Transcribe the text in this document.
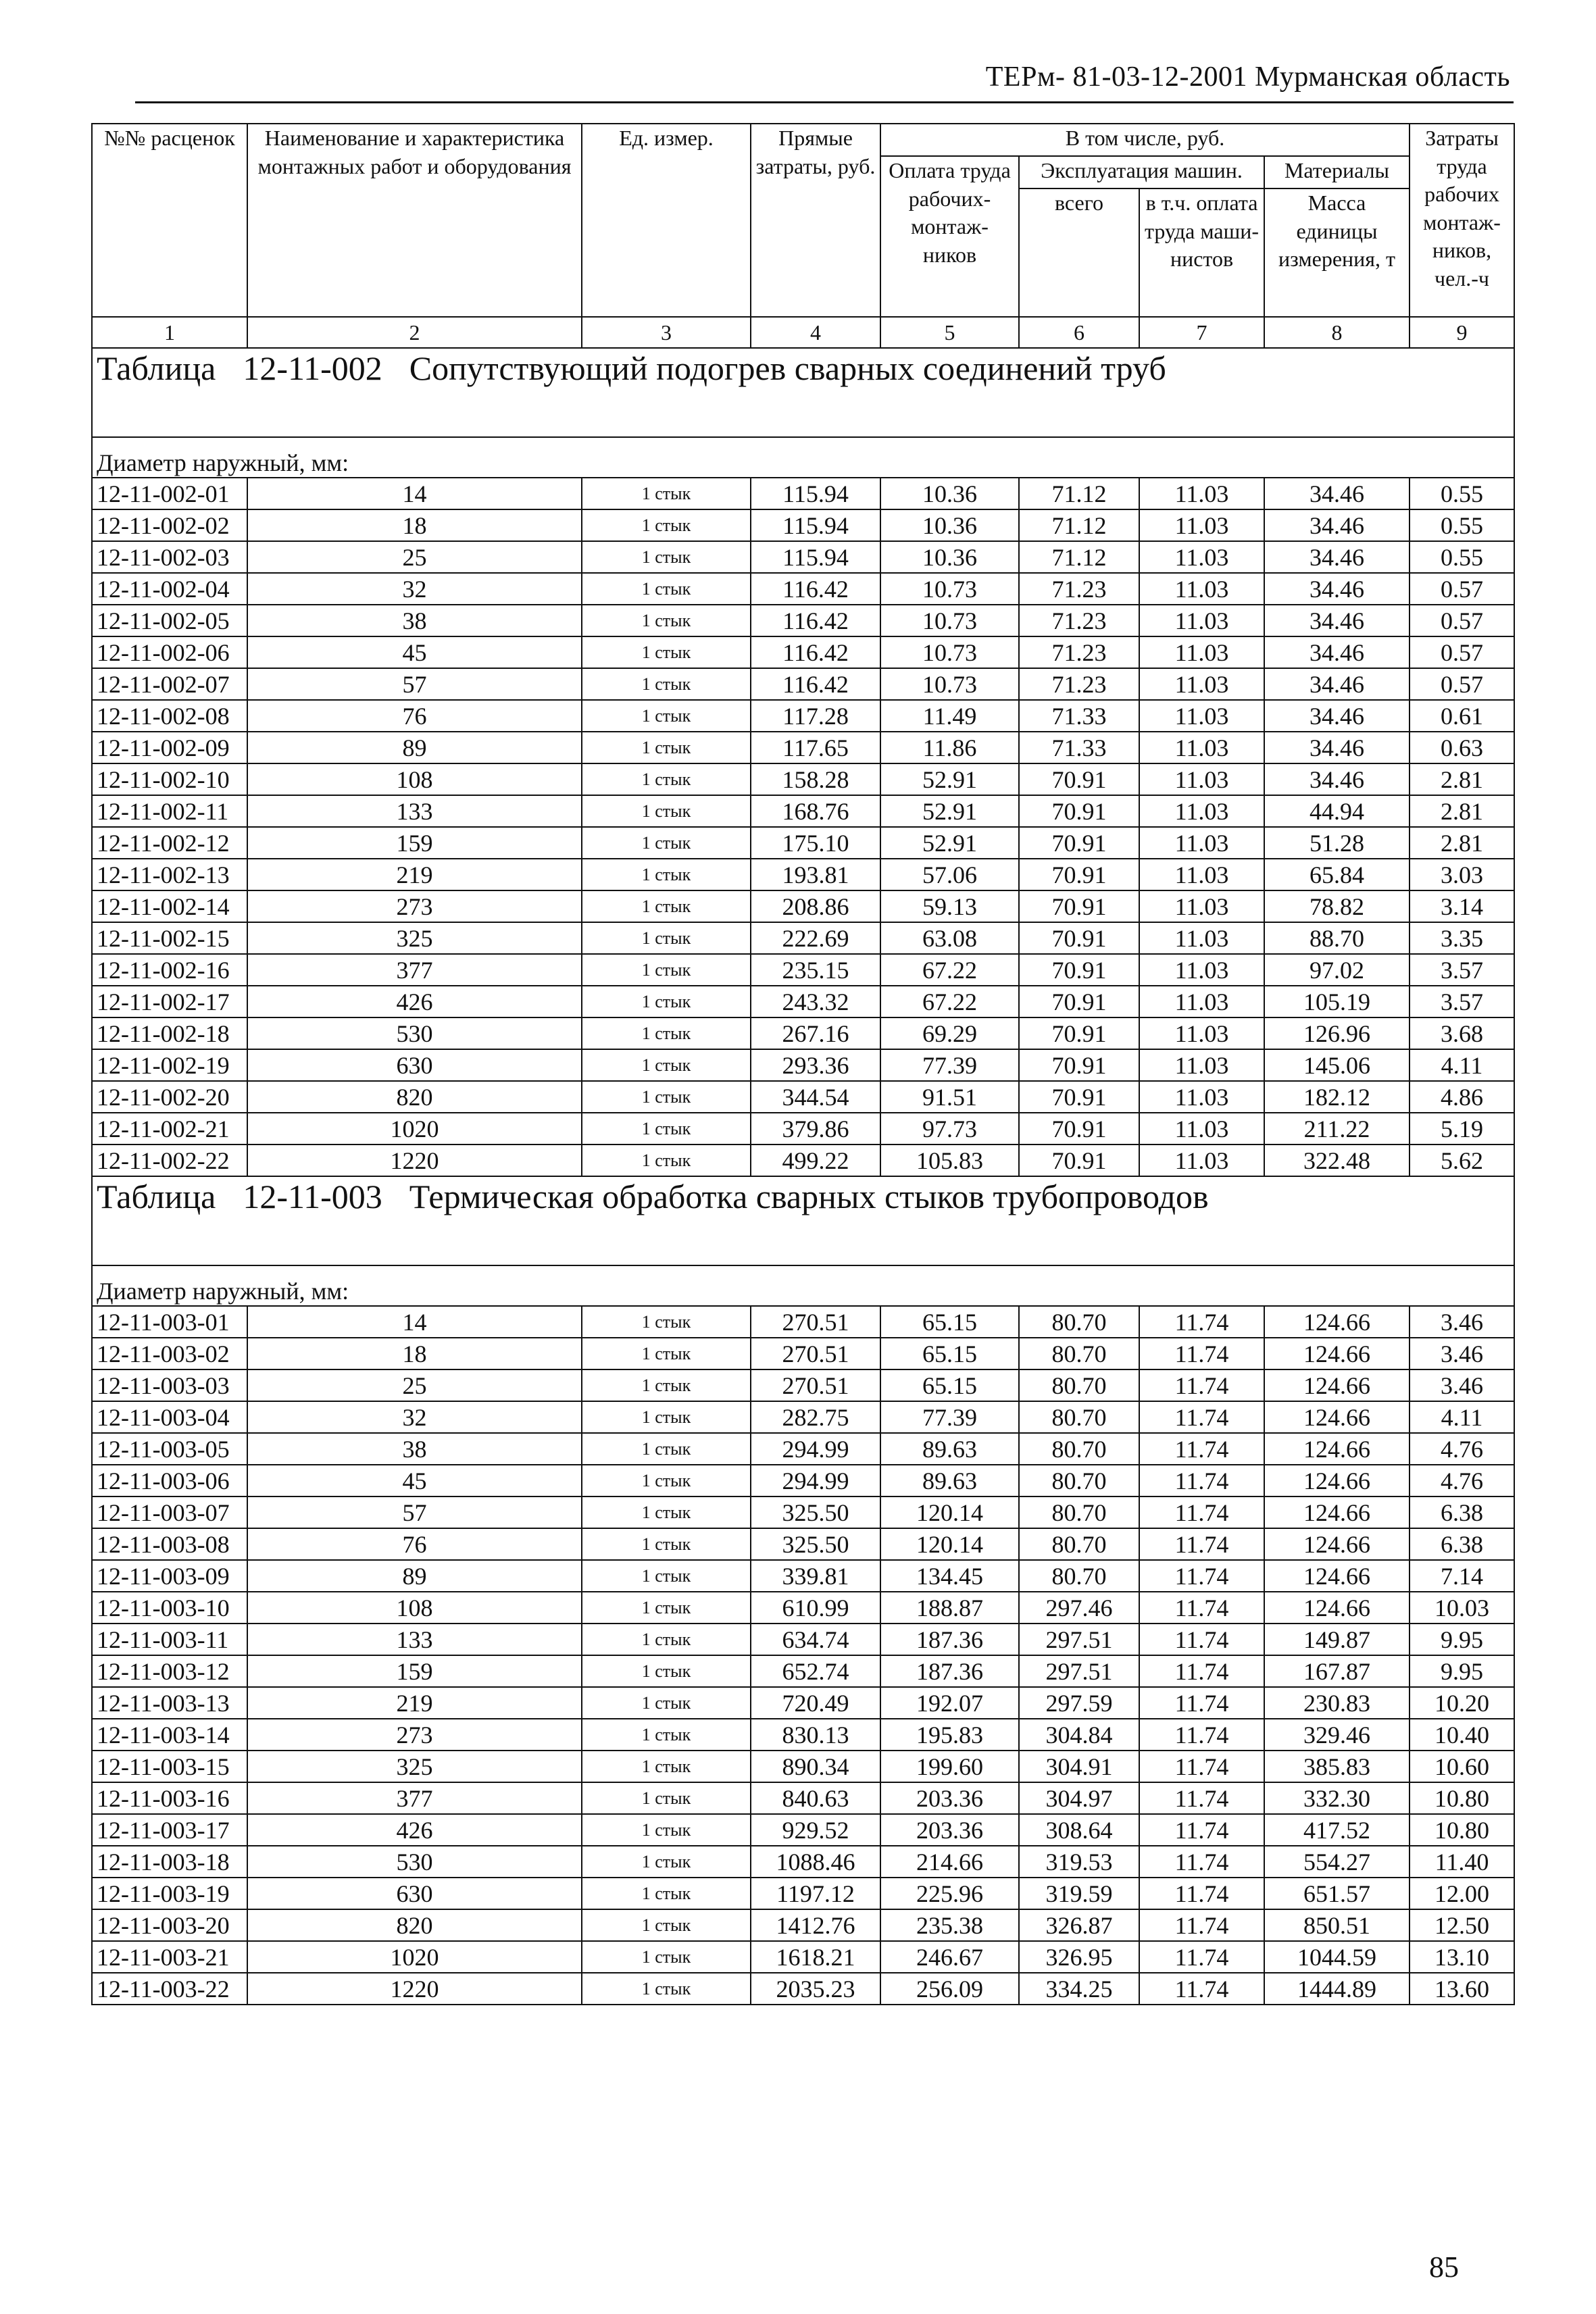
ТЕРм- 81-03-12-2001 Мурманская область
№№ расценок	Наименование и характеристика монтажных работ и оборудования	Ед. измер.	Прямые затраты, руб.	В том числе, руб.				Затраты труда рабочих монтаж-ников, чел.-ч
				Оплата труда рабочих-монтаж-ников	Эксплуатация машин.		Материалы	
					всего	в т.ч. оплата труда маши-нистов	Масса единицы измерения, т	
1	2	3	4	5	6	7	8	9
Таблица 12-11-002 Сопутствующий подогрев сварных соединений труб								
Диаметр наружный, мм:								
12-11-002-01	14	1 стык	115.94	10.36	71.12	11.03	34.46	0.55
12-11-002-02	18	1 стык	115.94	10.36	71.12	11.03	34.46	0.55
12-11-002-03	25	1 стык	115.94	10.36	71.12	11.03	34.46	0.55
12-11-002-04	32	1 стык	116.42	10.73	71.23	11.03	34.46	0.57
12-11-002-05	38	1 стык	116.42	10.73	71.23	11.03	34.46	0.57
12-11-002-06	45	1 стык	116.42	10.73	71.23	11.03	34.46	0.57
12-11-002-07	57	1 стык	116.42	10.73	71.23	11.03	34.46	0.57
12-11-002-08	76	1 стык	117.28	11.49	71.33	11.03	34.46	0.61
12-11-002-09	89	1 стык	117.65	11.86	71.33	11.03	34.46	0.63
12-11-002-10	108	1 стык	158.28	52.91	70.91	11.03	34.46	2.81
12-11-002-11	133	1 стык	168.76	52.91	70.91	11.03	44.94	2.81
12-11-002-12	159	1 стык	175.10	52.91	70.91	11.03	51.28	2.81
12-11-002-13	219	1 стык	193.81	57.06	70.91	11.03	65.84	3.03
12-11-002-14	273	1 стык	208.86	59.13	70.91	11.03	78.82	3.14
12-11-002-15	325	1 стык	222.69	63.08	70.91	11.03	88.70	3.35
12-11-002-16	377	1 стык	235.15	67.22	70.91	11.03	97.02	3.57
12-11-002-17	426	1 стык	243.32	67.22	70.91	11.03	105.19	3.57
12-11-002-18	530	1 стык	267.16	69.29	70.91	11.03	126.96	3.68
12-11-002-19	630	1 стык	293.36	77.39	70.91	11.03	145.06	4.11
12-11-002-20	820	1 стык	344.54	91.51	70.91	11.03	182.12	4.86
12-11-002-21	1020	1 стык	379.86	97.73	70.91	11.03	211.22	5.19
12-11-002-22	1220	1 стык	499.22	105.83	70.91	11.03	322.48	5.62
Таблица 12-11-003 Термическая обработка сварных стыков трубопроводов								
Диаметр наружный, мм:								
12-11-003-01	14	1 стык	270.51	65.15	80.70	11.74	124.66	3.46
12-11-003-02	18	1 стык	270.51	65.15	80.70	11.74	124.66	3.46
12-11-003-03	25	1 стык	270.51	65.15	80.70	11.74	124.66	3.46
12-11-003-04	32	1 стык	282.75	77.39	80.70	11.74	124.66	4.11
12-11-003-05	38	1 стык	294.99	89.63	80.70	11.74	124.66	4.76
12-11-003-06	45	1 стык	294.99	89.63	80.70	11.74	124.66	4.76
12-11-003-07	57	1 стык	325.50	120.14	80.70	11.74	124.66	6.38
12-11-003-08	76	1 стык	325.50	120.14	80.70	11.74	124.66	6.38
12-11-003-09	89	1 стык	339.81	134.45	80.70	11.74	124.66	7.14
12-11-003-10	108	1 стык	610.99	188.87	297.46	11.74	124.66	10.03
12-11-003-11	133	1 стык	634.74	187.36	297.51	11.74	149.87	9.95
12-11-003-12	159	1 стык	652.74	187.36	297.51	11.74	167.87	9.95
12-11-003-13	219	1 стык	720.49	192.07	297.59	11.74	230.83	10.20
12-11-003-14	273	1 стык	830.13	195.83	304.84	11.74	329.46	10.40
12-11-003-15	325	1 стык	890.34	199.60	304.91	11.74	385.83	10.60
12-11-003-16	377	1 стык	840.63	203.36	304.97	11.74	332.30	10.80
12-11-003-17	426	1 стык	929.52	203.36	308.64	11.74	417.52	10.80
12-11-003-18	530	1 стык	1088.46	214.66	319.53	11.74	554.27	11.40
12-11-003-19	630	1 стык	1197.12	225.96	319.59	11.74	651.57	12.00
12-11-003-20	820	1 стык	1412.76	235.38	326.87	11.74	850.51	12.50
12-11-003-21	1020	1 стык	1618.21	246.67	326.95	11.74	1044.59	13.10
12-11-003-22	1220	1 стык	2035.23	256.09	334.25	11.74	1444.89	13.60
85
